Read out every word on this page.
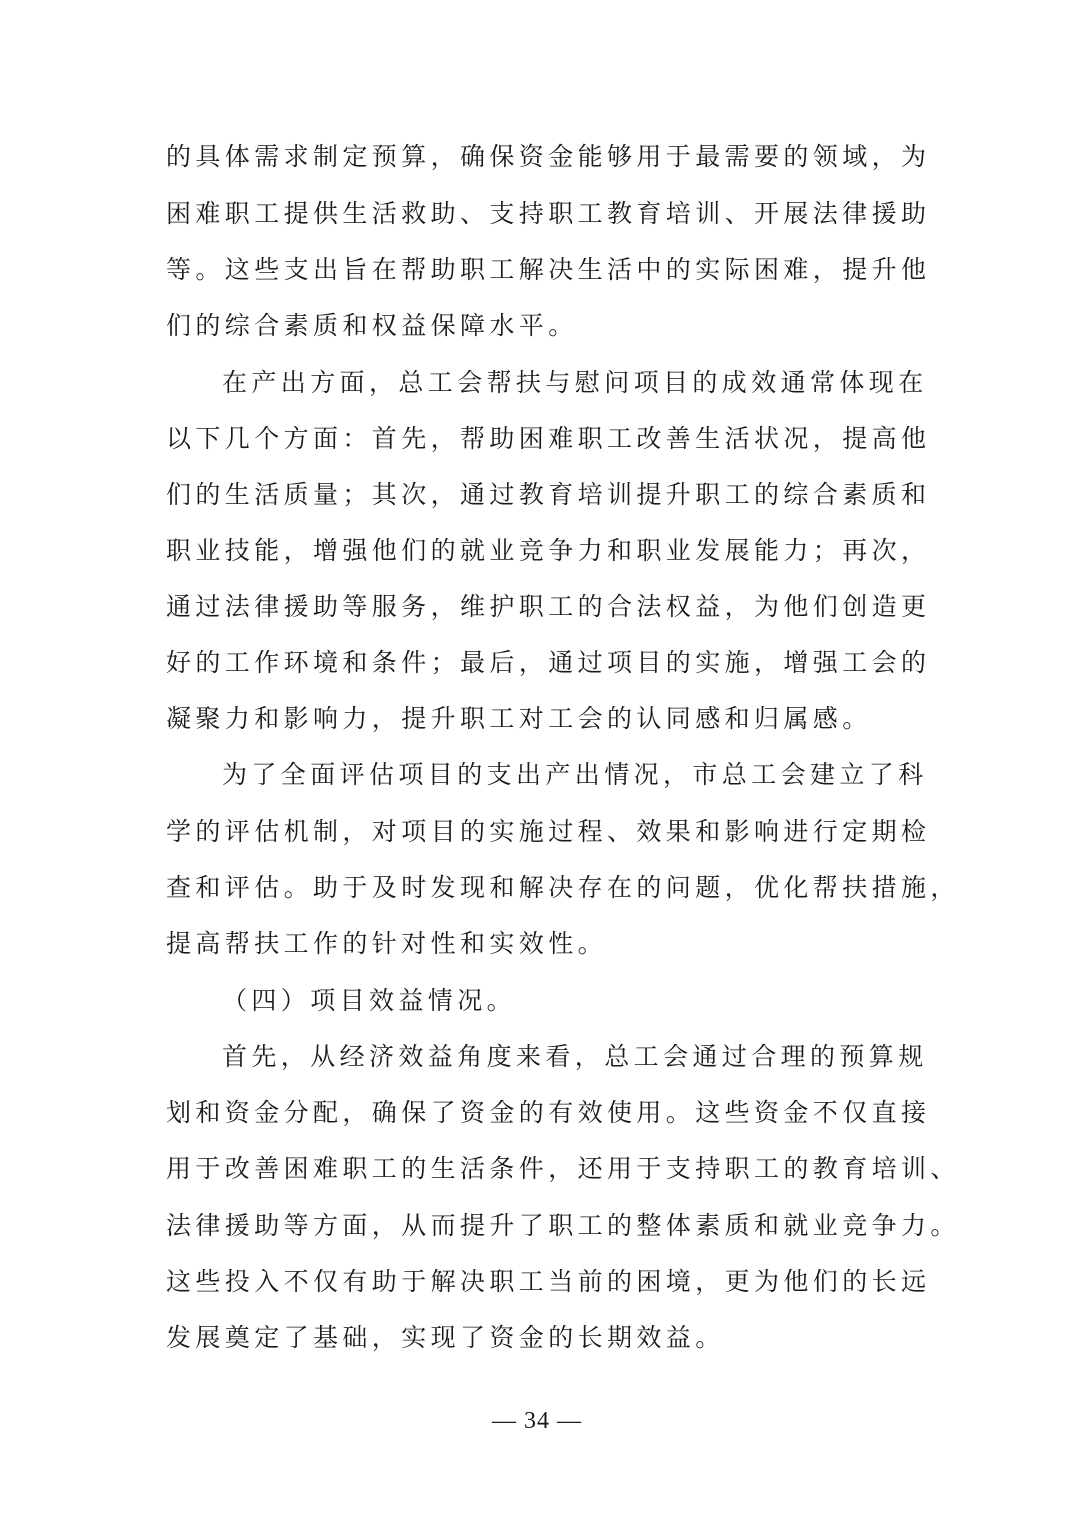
的具体需求制定预算，确保资金能够用于最需要的领域，为
困难职工提供生活救助、支持职工教育培训、开展法律援助
等。这些支出旨在帮助职工解决生活中的实际困难，提升他
们的综合素质和权益保障水平。
在产出方面，总工会帮扶与慰问项目的成效通常体现在
以下几个方面：首先，帮助困难职工改善生活状况，提高他
们的生活质量；其次，通过教育培训提升职工的综合素质和
职业技能，增强他们的就业竞争力和职业发展能力；再次，
通过法律援助等服务，维护职工的合法权益，为他们创造更
好的工作环境和条件；最后，通过项目的实施，增强工会的
凝聚力和影响力，提升职工对工会的认同感和归属感。
为了全面评估项目的支出产出情况，市总工会建立了科
学的评估机制，对项目的实施过程、效果和影响进行定期检
查和评估。助于及时发现和解决存在的问题，优化帮扶措施，
提高帮扶工作的针对性和实效性。
（四）项目效益情况。
首先，从经济效益角度来看，总工会通过合理的预算规
划和资金分配，确保了资金的有效使用。这些资金不仅直接
用于改善困难职工的生活条件，还用于支持职工的教育培训、
法律援助等方面，从而提升了职工的整体素质和就业竞争力。
这些投入不仅有助于解决职工当前的困境，更为他们的长远
发展奠定了基础，实现了资金的长期效益。
— 34 —
